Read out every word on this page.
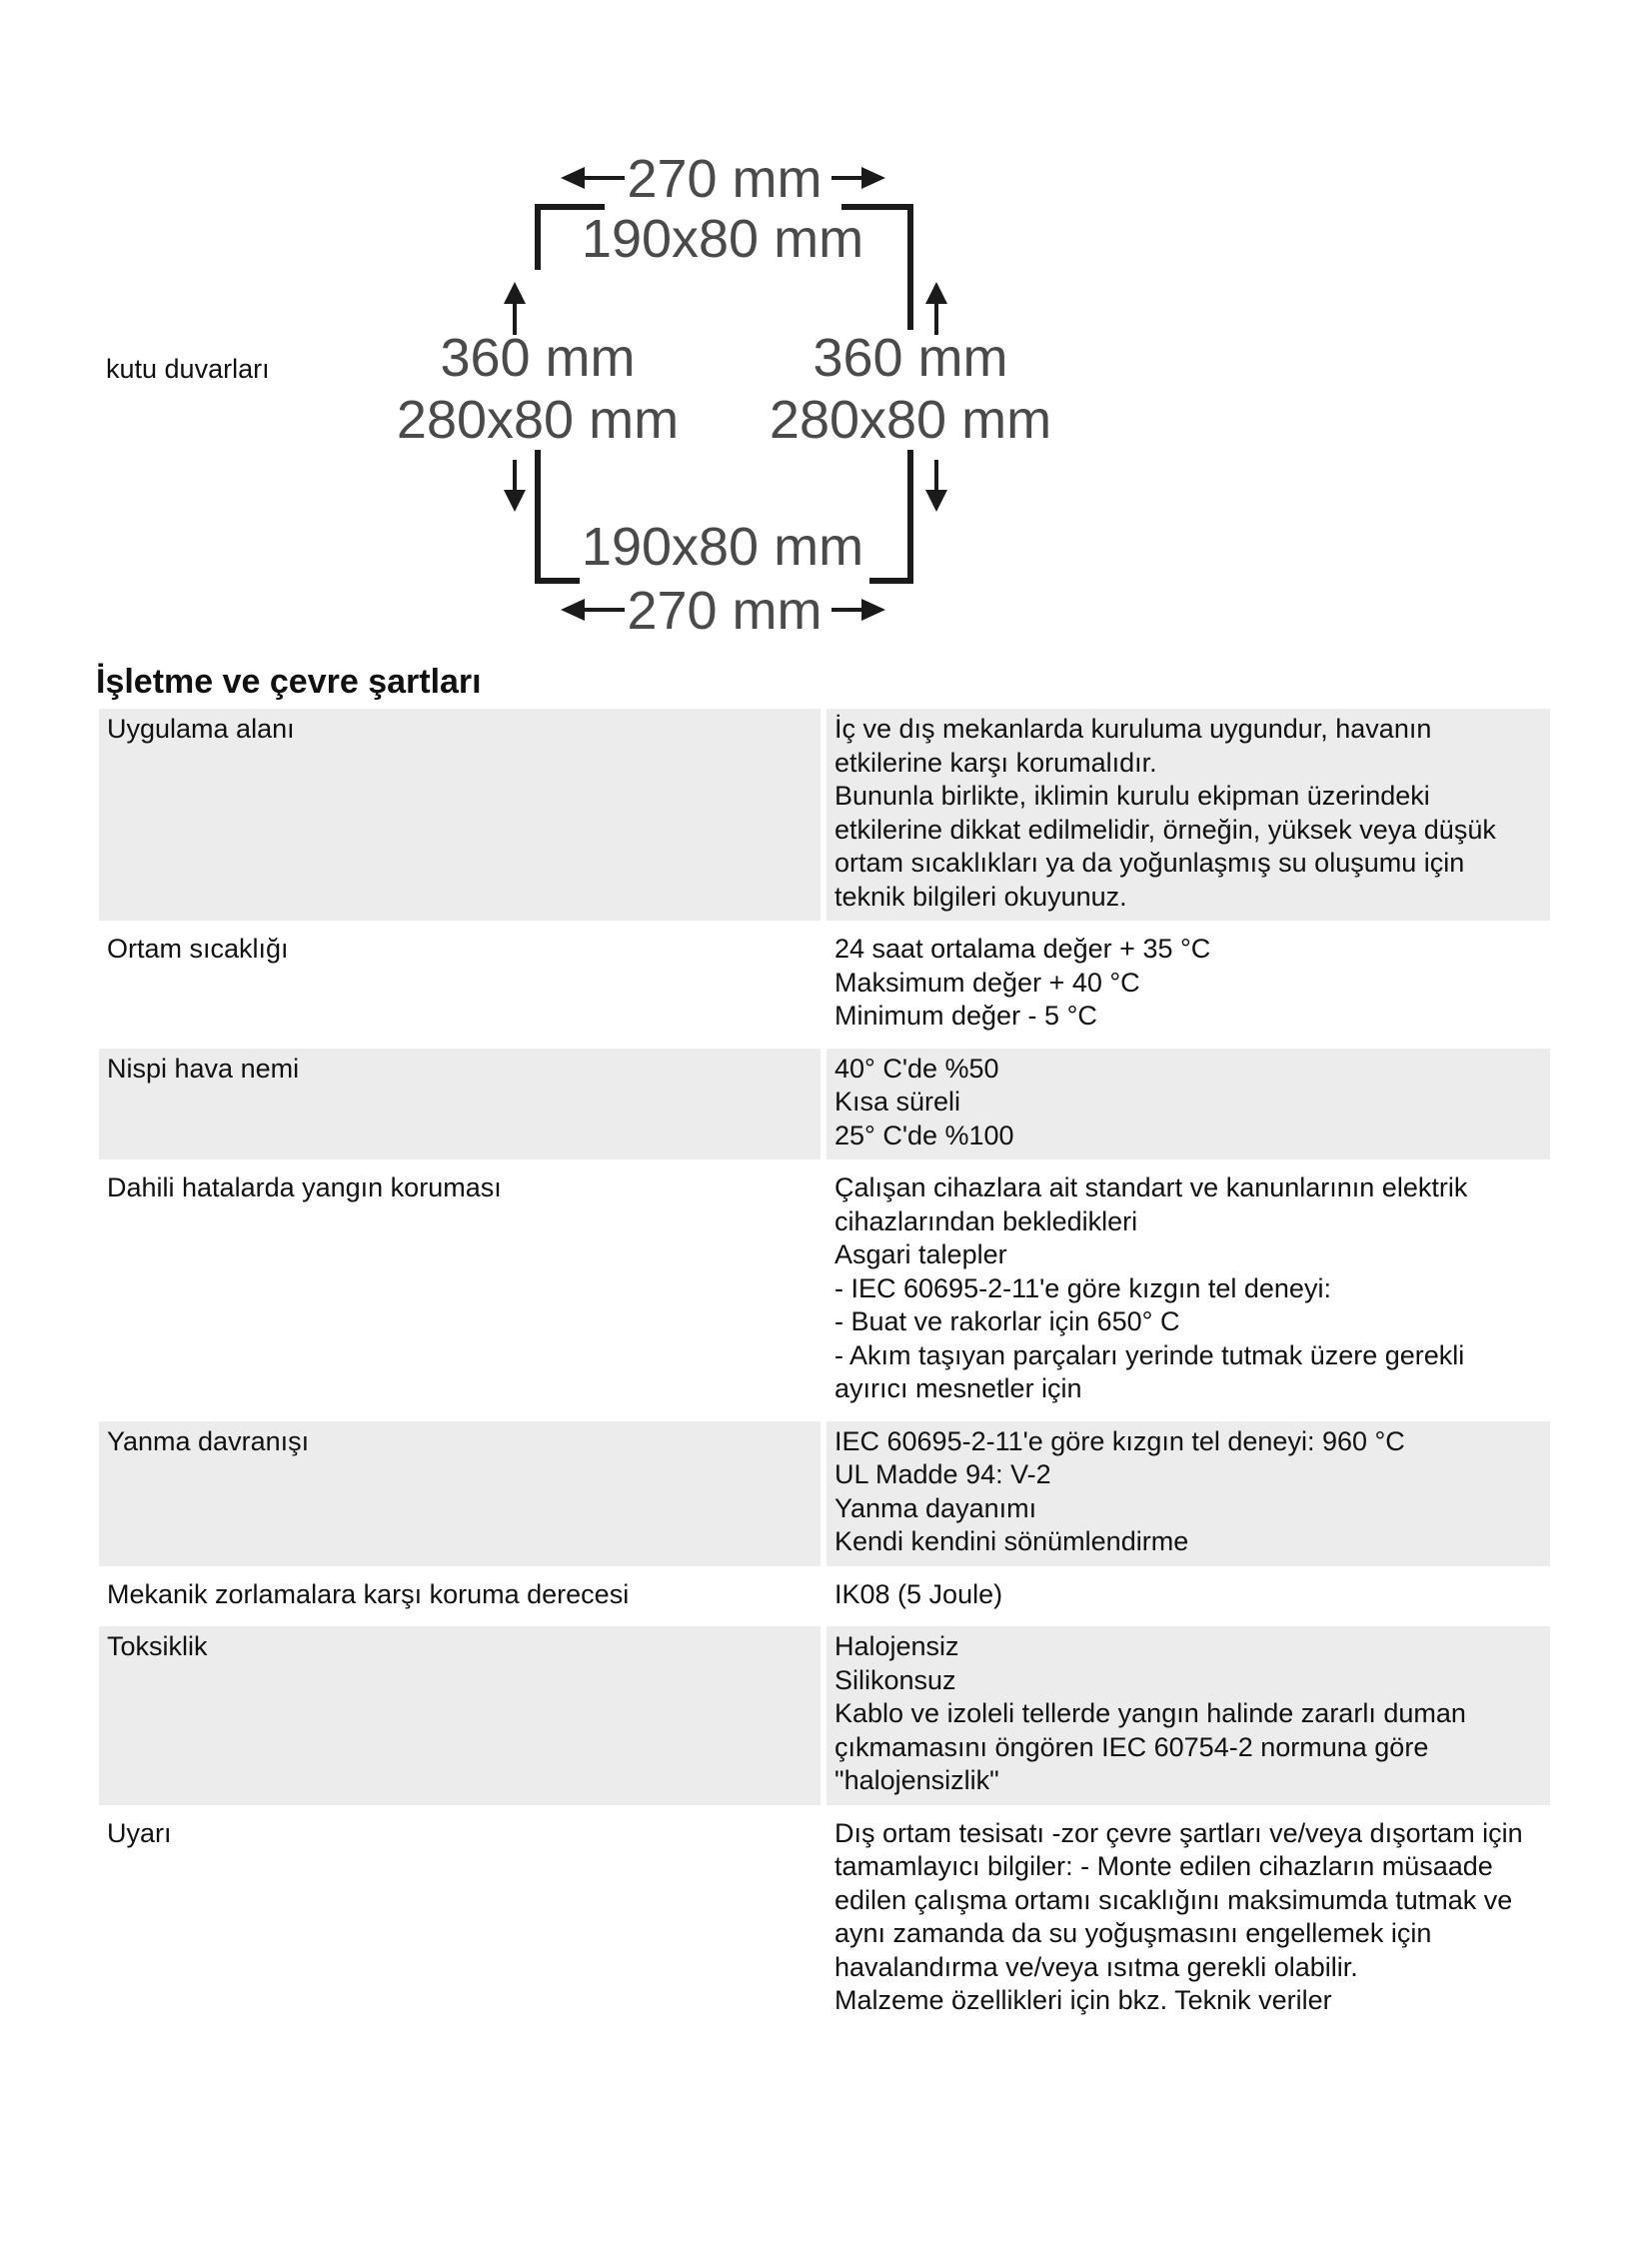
kutu duvarları
270 mm
190x80 mm
360 mm
280x80 mm
360 mm
280x80 mm
190x80 mm
270 mm
İşletme ve çevre şartları
Uygulama alanı	İç ve dış mekanlarda kuruluma uygundur, havanın
etkilerine karşı korumalıdır.
Bununla birlikte, iklimin kurulu ekipman üzerindeki
etkilerine dikkat edilmelidir, örneğin, yüksek veya düşük
ortam sıcaklıkları ya da yoğunlaşmış su oluşumu için
teknik bilgileri okuyunuz.
Ortam sıcaklığı	24 saat ortalama değer + 35 °C
Maksimum değer + 40 °C
Minimum değer - 5 °C
Nispi hava nemi	40° C'de %50
Kısa süreli
25° C'de %100
Dahili hatalarda yangın koruması	Çalışan cihazlara ait standart ve kanunlarının elektrik
cihazlarından bekledikleri
Asgari talepler
- IEC 60695-2-11'e göre kızgın tel deneyi:
- Buat ve rakorlar için 650° C
- Akım taşıyan parçaları yerinde tutmak üzere gerekli
ayırıcı mesnetler için
Yanma davranışı	IEC 60695-2-11'e göre kızgın tel deneyi: 960 °C
UL Madde 94: V-2
Yanma dayanımı
Kendi kendini sönümlendirme
Mekanik zorlamalara karşı koruma derecesi	IK08 (5 Joule)
Toksiklik	Halojensiz
Silikonsuz
Kablo ve izoleli tellerde yangın halinde zararlı duman
çıkmamasını öngören IEC 60754-2 normuna göre
"halojensizlik"
Uyarı	Dış ortam tesisatı -zor çevre şartları ve/veya dışortam için
tamamlayıcı bilgiler: - Monte edilen cihazların müsaade
edilen çalışma ortamı sıcaklığını maksimumda tutmak ve
aynı zamanda da su yoğuşmasını engellemek için
havalandırma ve/veya ısıtma gerekli olabilir.
Malzeme özellikleri için bkz. Teknik veriler
